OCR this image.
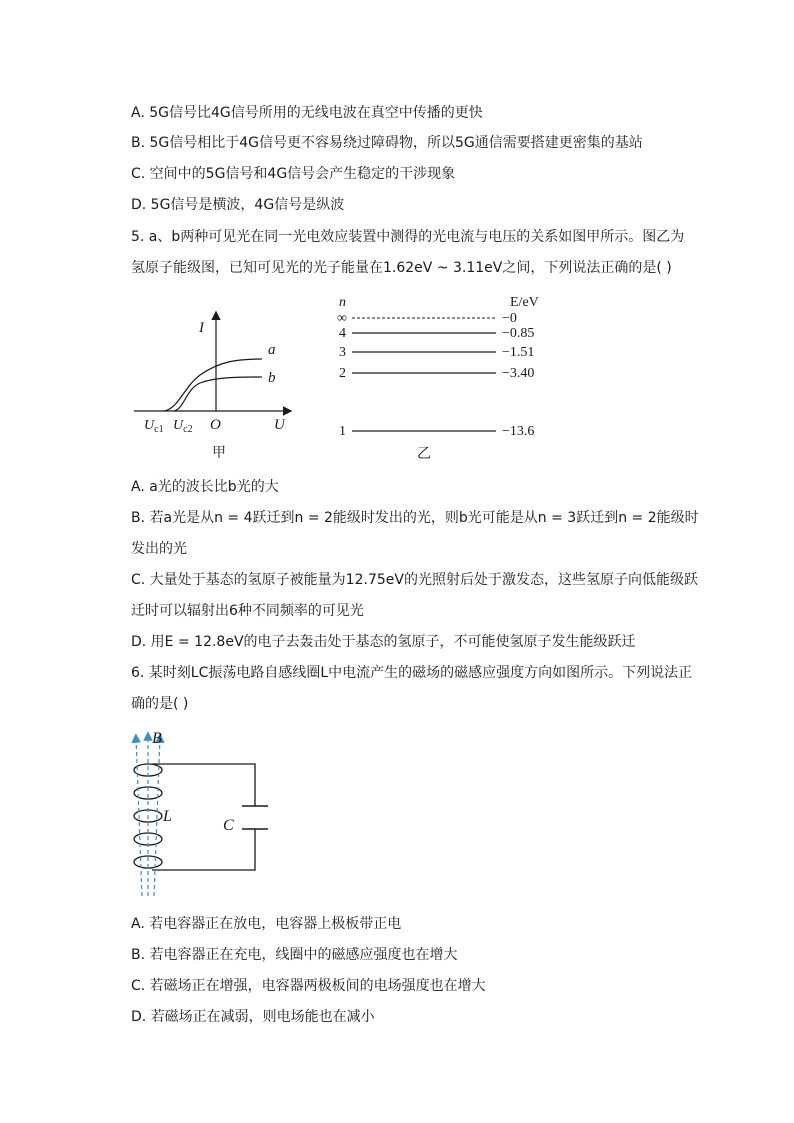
A. 5G信号比4G信号所用的无线电波在真空中传播的更快
B. 5G信号相比于4G信号更不容易绕过障碍物，所以5G通信需要搭建更密集的基站
C. 空间中的5G信号和4G信号会产生稳定的干涉现象
D. 5G信号是横波，4G信号是纵波
5. a、b两种可见光在同一光电效应装置中测得的光电流与电压的关系如图甲所示。图乙为
氢原子能级图，已知可见光的光子能量在1.62eV ~ 3.11eV之间，下列说法正确的是( )
I
a
b
$U_{c1}$ $U_{c2}$ O	U
甲
n	E/eV
∞	−0
4	−0.85
3	−1.51
2	−3.40
1	−13.6
乙
A. a光的波长比b光的大
B. 若a光是从n = 4跃迁到n = 2能级时发出的光，则b光可能是从n = 3跃迁到n = 2能级时
发出的光
C. 大量处于基态的氢原子被能量为12.75eV的光照射后处于激发态，这些氢原子向低能级跃
迁时可以辐射出6种不同频率的可见光
D. 用E = 12.8eV的电子去轰击处于基态的氢原子，不可能使氢原子发生能级跃迁
6. 某时刻LC振荡电路自感线圈L中电流产生的磁场的磁感应强度方向如图所示。下列说法正
确的是( )
B
L
C
A. 若电容器正在放电，电容器上极板带正电
B. 若电容器正在充电，线圈中的磁感应强度也在增大
C. 若磁场正在增强，电容器两极板间的电场强度也在增大
D. 若磁场正在减弱，则电场能也在减小
